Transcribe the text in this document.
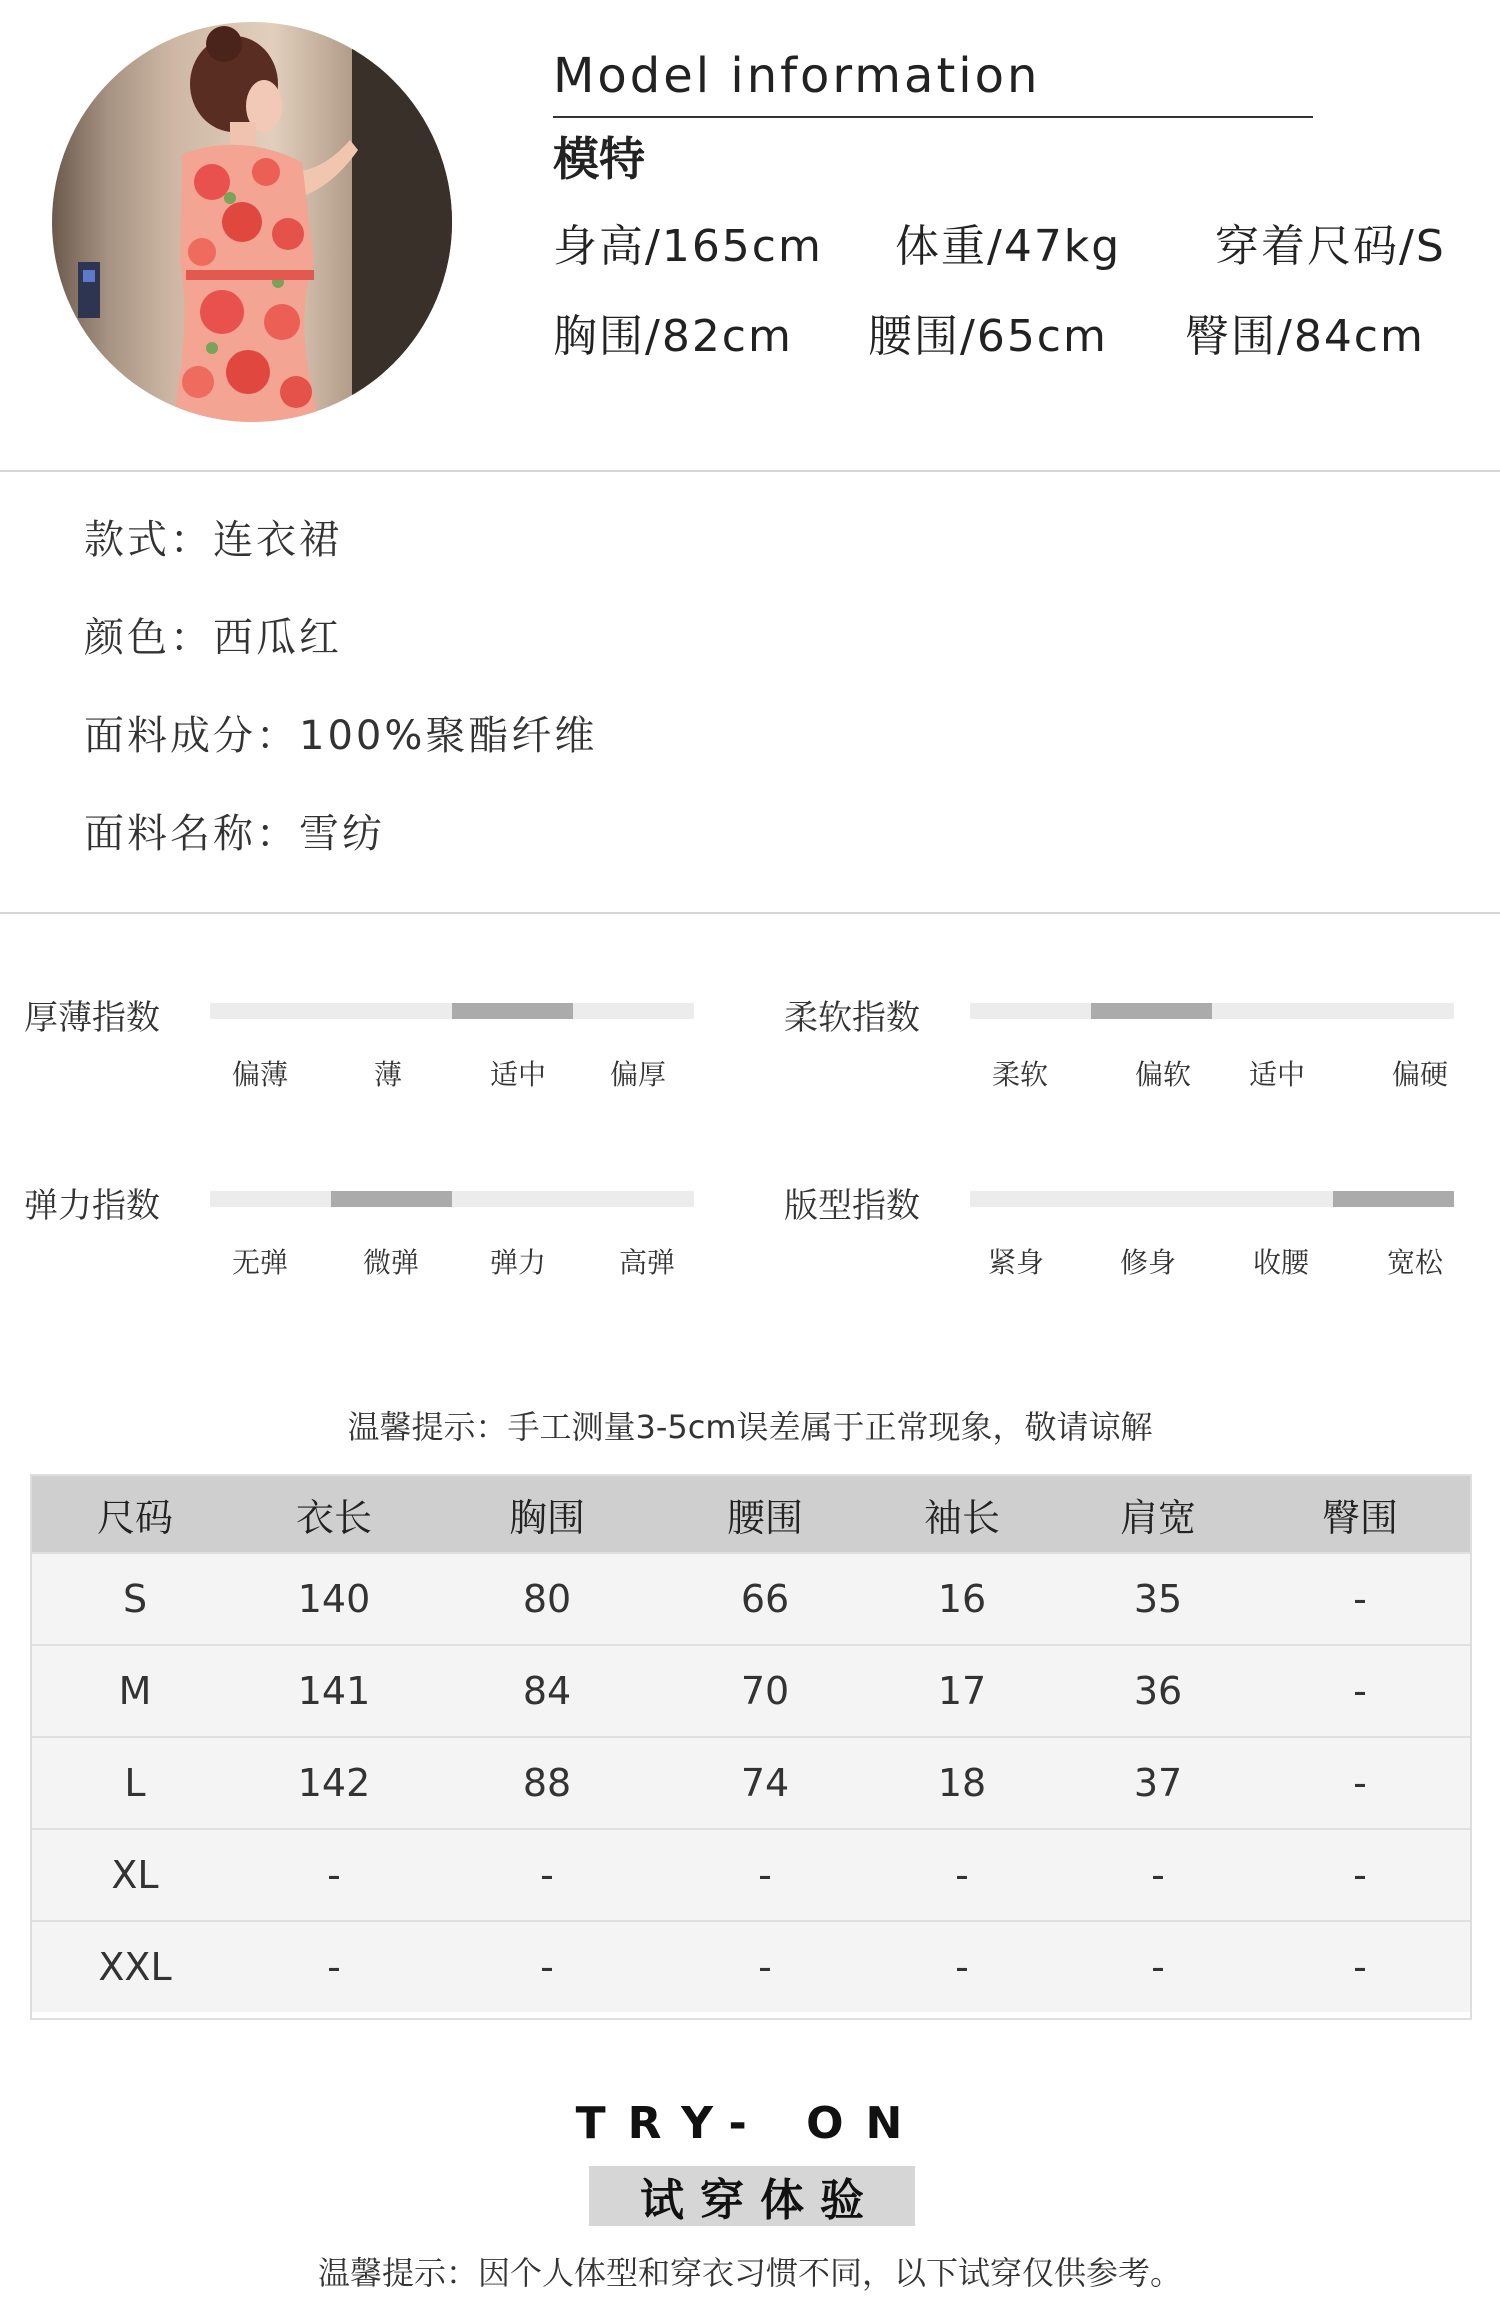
Model information
模特
身高/165cm 体重/47kg 穿着尺码/S
胸围/82cm 腰围/65cm 臀围/84cm
款式：连衣裙
颜色：西瓜红
面料成分：100%聚酯纤维
面料名称：雪纺
厚薄指数
偏薄	薄	适中 偏厚
柔软指数
柔软	偏软 适中	偏硬
弹力指数
无弹	微弹	弹力	高弹
版型指数
紧身	修身	收腰	宽松
温馨提示：手工测量3-5cm误差属于正常现象，敬请谅解
尺码	衣长	胸围	腰围	袖长	肩宽	臀围
S	140	80	66	16	35	-
M	141	84	70	17	36	-
L	142	88	74	18	37	-
XL	-	-	-	-	-	-
XXL	-	-	-	-	-	-
TRY- ON
试穿体验
温馨提示：因个人体型和穿衣习惯不同，以下试穿仅供参考。
